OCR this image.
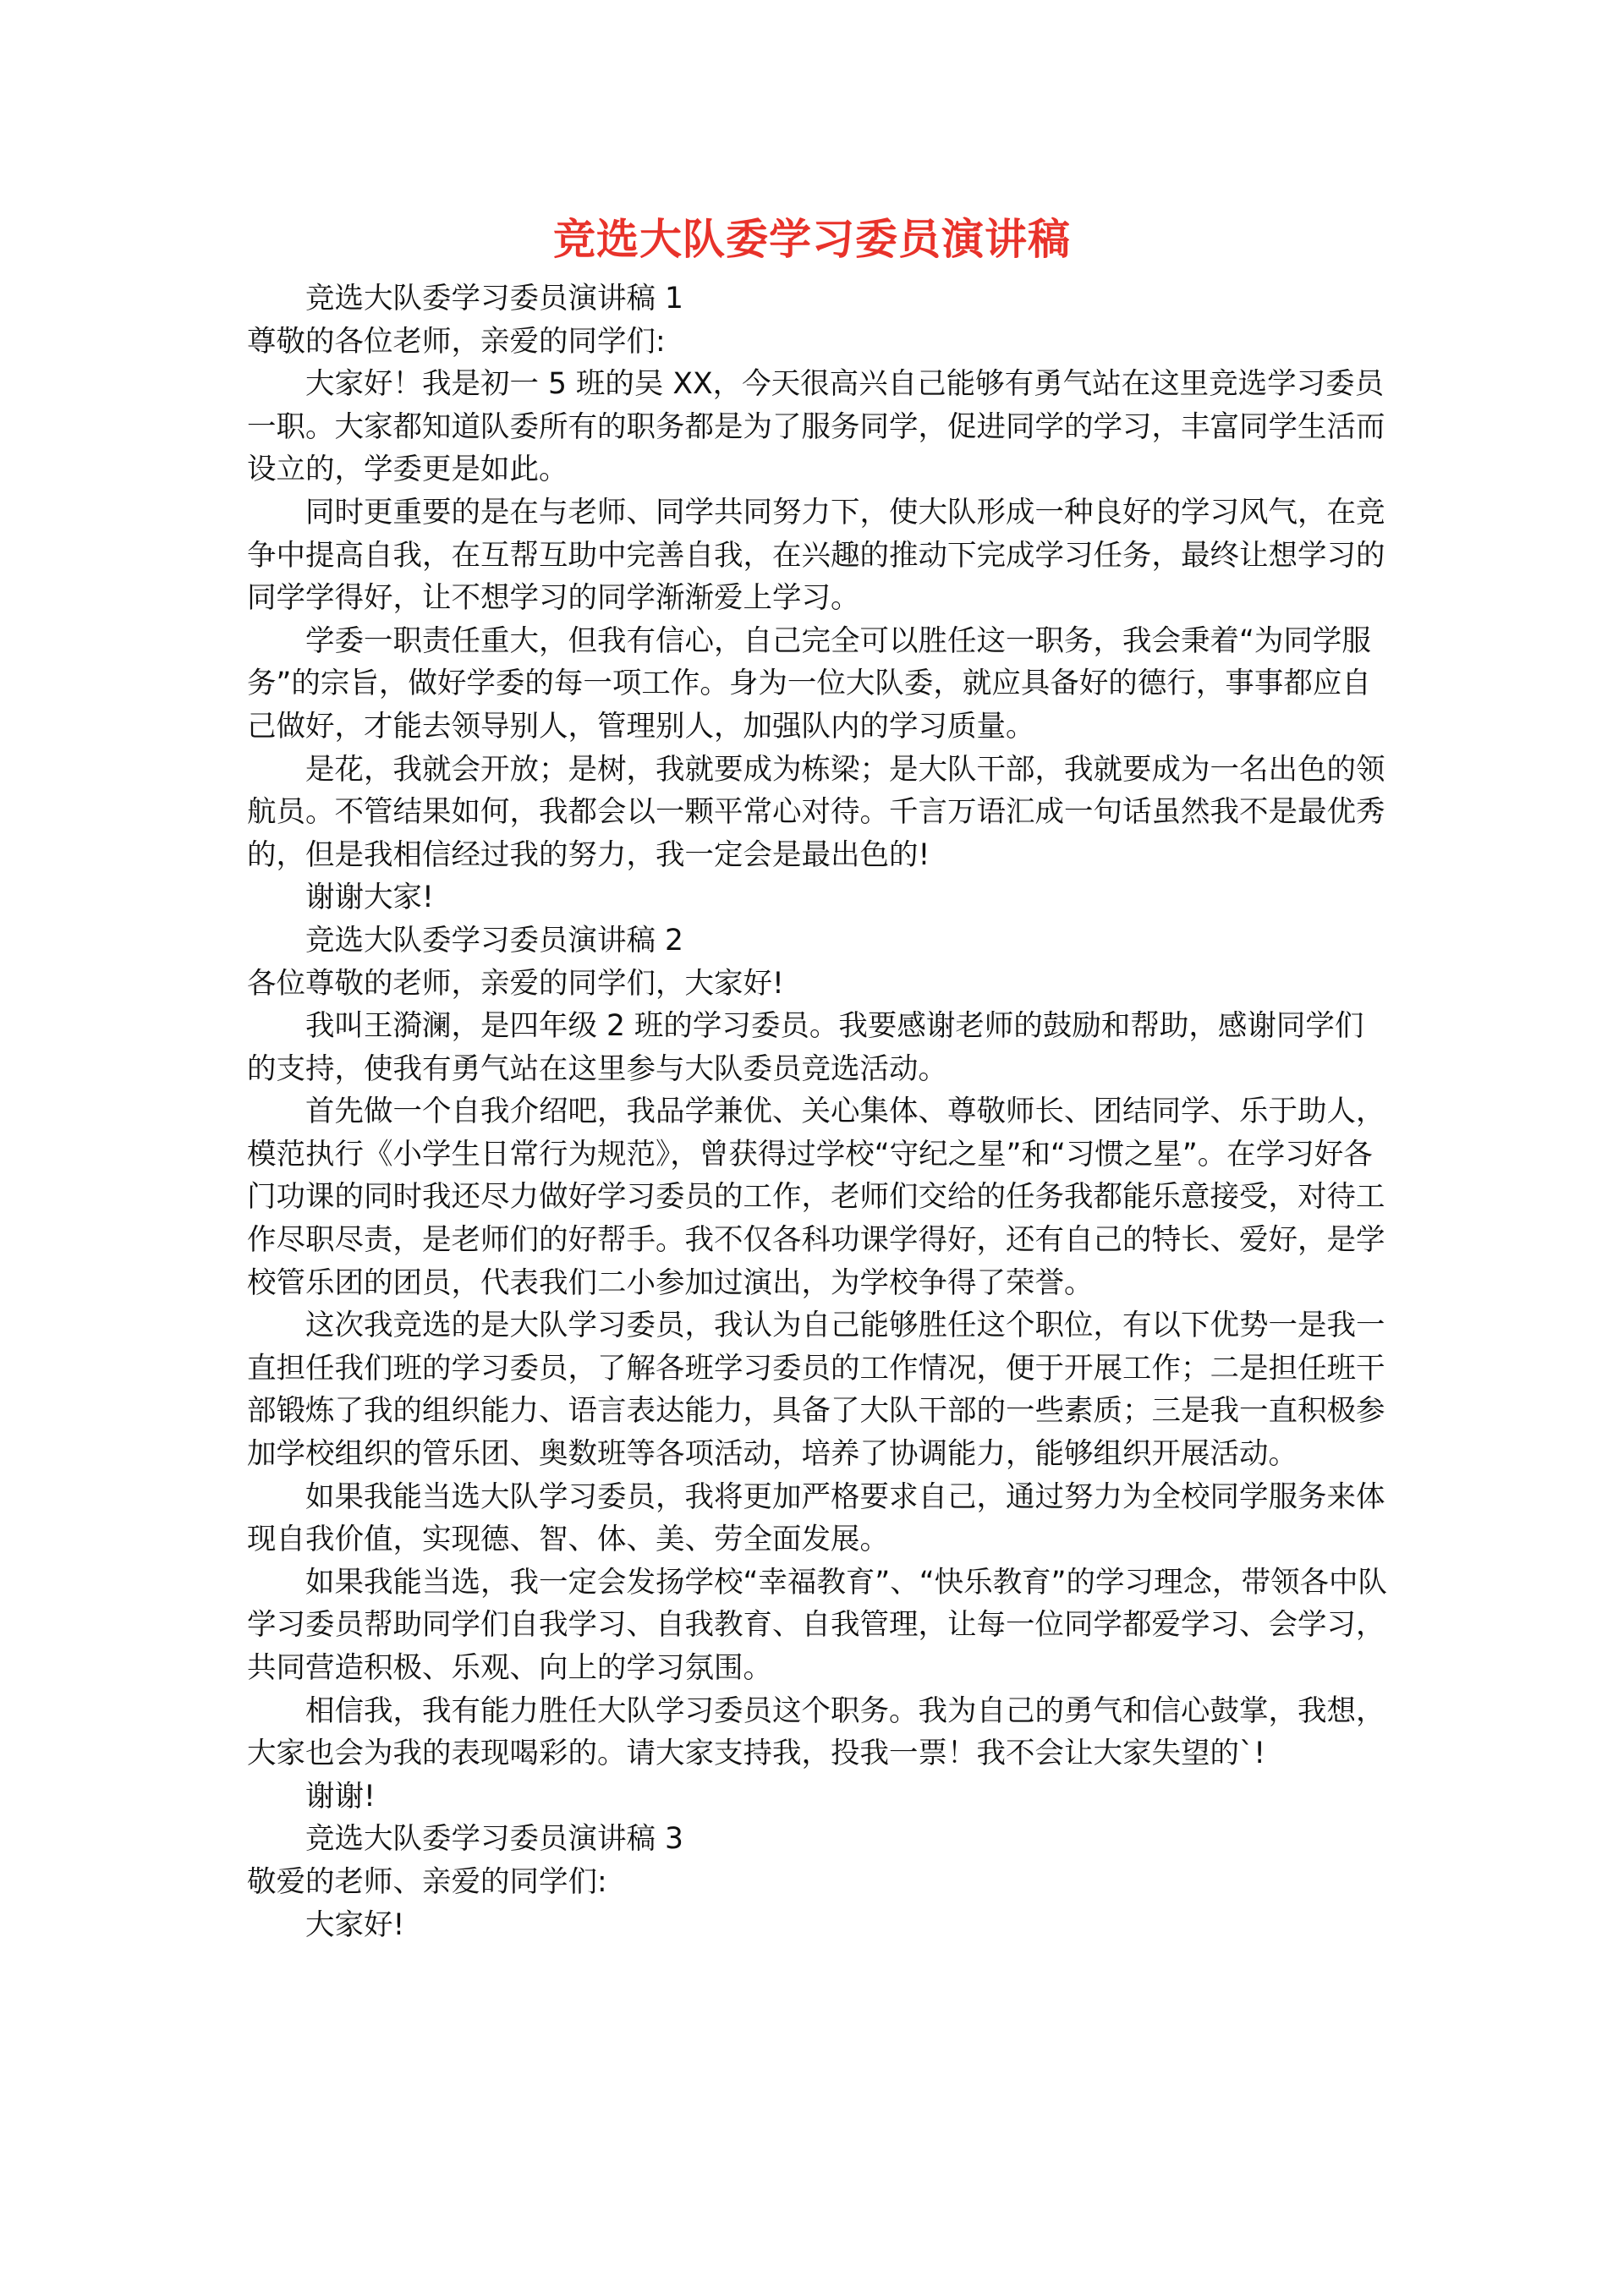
竞选大队委学习委员演讲稿

竞选大队委学习委员演讲稿 1

尊敬的各位老师，亲爱的同学们:

大家好！我是初一 5 班的吴 XX，今天很高兴自己能够有勇气站在这里竞选学习委员一职。大家都知道队委所有的职务都是为了服务同学，促进同学的学习，丰富同学生活而设立的，学委更是如此。

同时更重要的是在与老师、同学共同努力下，使大队形成一种良好的学习风气，在竞争中提高自我，在互帮互助中完善自我，在兴趣的推动下完成学习任务，最终让想学习的同学学得好，让不想学习的同学渐渐爱上学习。

学委一职责任重大，但我有信心，自己完全可以胜任这一职务，我会秉着“为同学服务”的宗旨，做好学委的每一项工作。身为一位大队委，就应具备好的德行，事事都应自己做好，才能去领导别人，管理别人，加强队内的学习质量。

是花，我就会开放；是树，我就要成为栋梁；是大队干部，我就要成为一名出色的领航员。不管结果如何，我都会以一颗平常心对待。千言万语汇成一句话虽然我不是最优秀的，但是我相信经过我的努力，我一定会是最出色的!

谢谢大家!

竞选大队委学习委员演讲稿 2

各位尊敬的老师，亲爱的同学们，大家好!

我叫王漪澜，是四年级 2 班的学习委员。我要感谢老师的鼓励和帮助，感谢同学们的支持，使我有勇气站在这里参与大队委员竞选活动。

首先做一个自我介绍吧，我品学兼优、关心集体、尊敬师长、团结同学、乐于助人，模范执行《小学生日常行为规范》，曾获得过学校“守纪之星”和“习惯之星”。在学习好各门功课的同时我还尽力做好学习委员的工作，老师们交给的任务我都能乐意接受，对待工作尽职尽责，是老师们的好帮手。我不仅各科功课学得好，还有自己的特长、爱好，是学校管乐团的团员，代表我们二小参加过演出，为学校争得了荣誉。

这次我竞选的是大队学习委员，我认为自己能够胜任这个职位，有以下优势一是我一直担任我们班的学习委员，了解各班学习委员的工作情况，便于开展工作；二是担任班干部锻炼了我的组织能力、语言表达能力，具备了大队干部的一些素质；三是我一直积极参加学校组织的管乐团、奥数班等各项活动，培养了协调能力，能够组织开展活动。

如果我能当选大队学习委员，我将更加严格要求自己，通过努力为全校同学服务来体现自我价值，实现德、智、体、美、劳全面发展。

如果我能当选，我一定会发扬学校“幸福教育”、“快乐教育”的学习理念，带领各中队学习委员帮助同学们自我学习、自我教育、自我管理，让每一位同学都爱学习、会学习，共同营造积极、乐观、向上的学习氛围。

相信我，我有能力胜任大队学习委员这个职务。我为自己的勇气和信心鼓掌，我想，大家也会为我的表现喝彩的。请大家支持我，投我一票！我不会让大家失望的`!

谢谢!

竞选大队委学习委员演讲稿 3

敬爱的老师、亲爱的同学们:

大家好!
